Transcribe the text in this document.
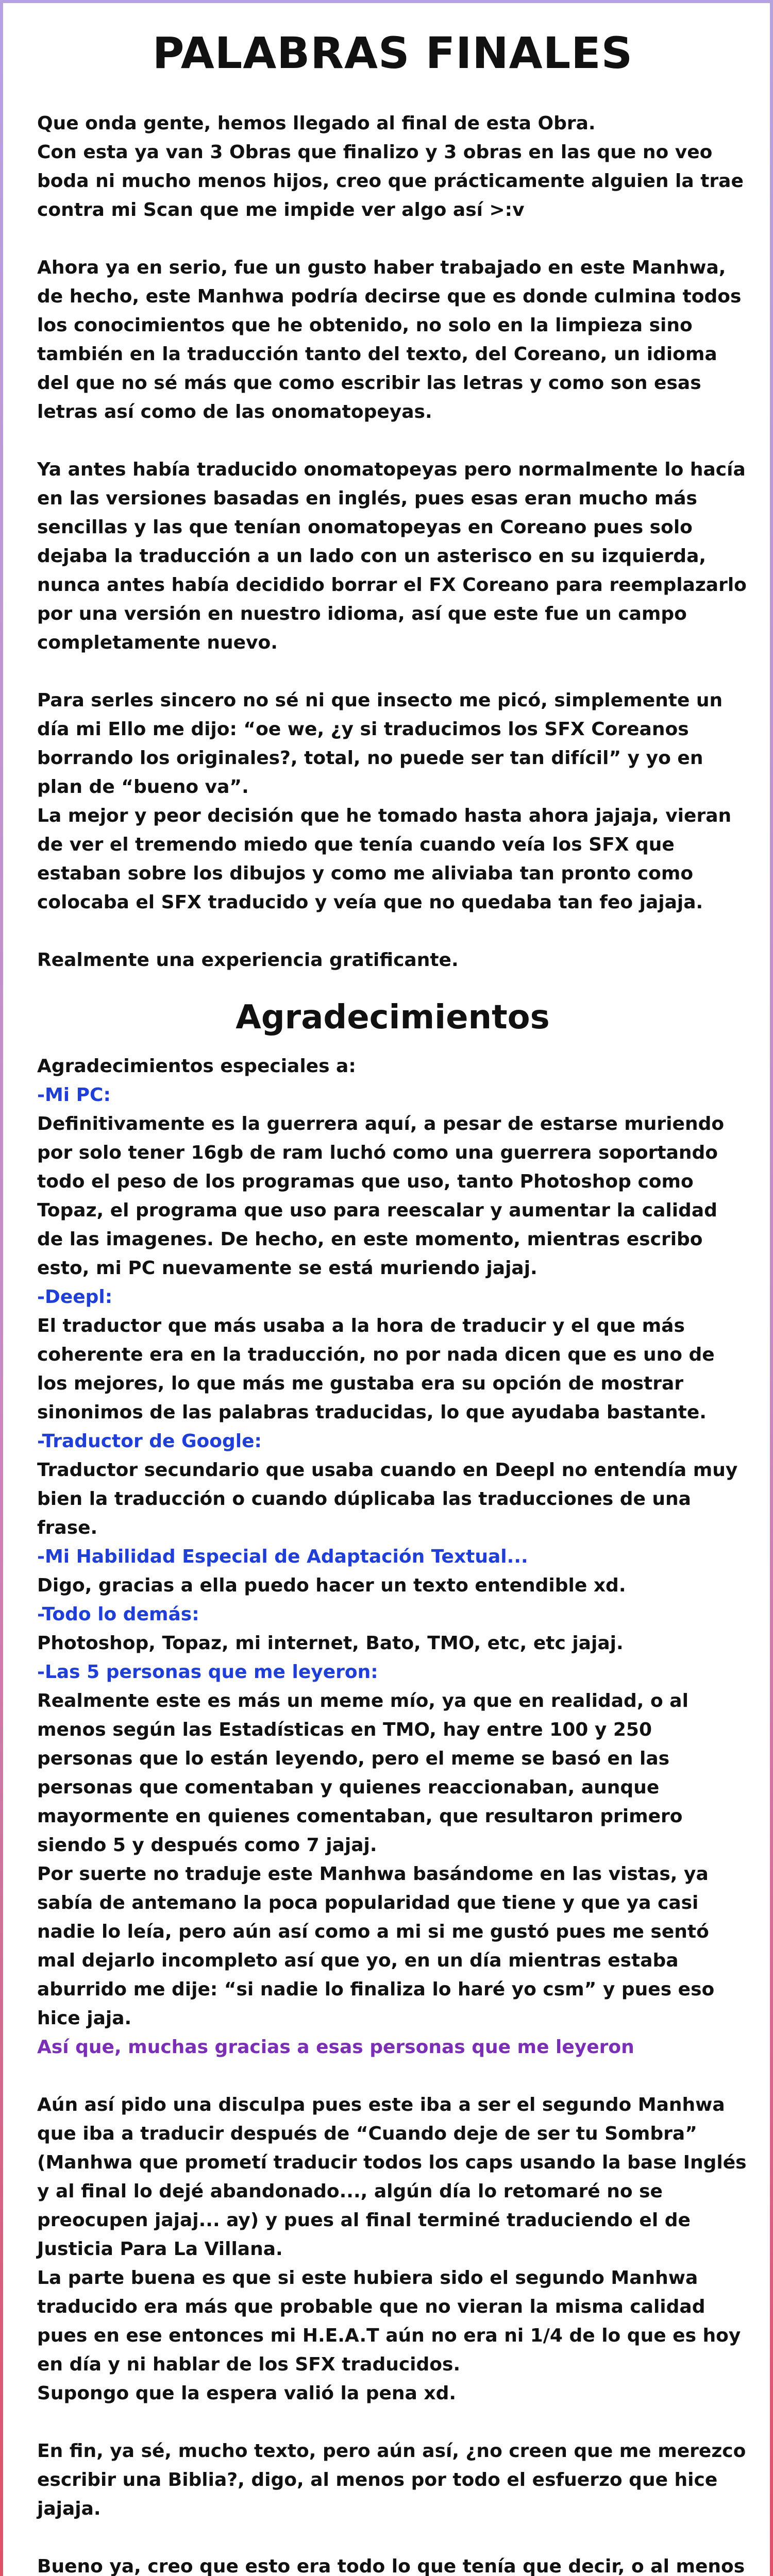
PALABRAS FINALES

Que onda gente, hemos llegado al final de esta Obra.
Con esta ya van 3 Obras que finalizo y 3 obras en las que no veo boda ni mucho menos hijos, creo que prácticamente alguien la trae contra mi Scan que me impide ver algo así >:v

Ahora ya en serio, fue un gusto haber trabajado en este Manhwa, de hecho, este Manhwa podría decirse que es donde culmina todos los conocimientos que he obtenido, no solo en la limpieza sino también en la traducción tanto del texto, del Coreano, un idioma del que no sé más que como escribir las letras y como son esas letras así como de las onomatopeyas.

Ya antes había traducido onomatopeyas pero normalmente lo hacía en las versiones basadas en inglés, pues esas eran mucho más sencillas y las que tenían onomatopeyas en Coreano pues solo dejaba la traducción a un lado con un asterisco en su izquierda, nunca antes había decidido borrar el FX Coreano para reemplazarlo por una versión en nuestro idioma, así que este fue un campo completamente nuevo.

Para serles sincero no sé ni que insecto me picó, simplemente un día mi Ello me dijo: “oe we, ¿y si traducimos los SFX Coreanos borrando los originales?, total, no puede ser tan difícil” y yo en plan de “bueno va”.
La mejor y peor decisión que he tomado hasta ahora jajaja, vieran de ver el tremendo miedo que tenía cuando veía los SFX que estaban sobre los dibujos y como me aliviaba tan pronto como colocaba el SFX traducido y veía que no quedaba tan feo jajaja.

Realmente una experiencia gratificante.

Agradecimientos
Agradecimientos especiales a:
-Mi PC:
Definitivamente es la guerrera aquí, a pesar de estarse muriendo por solo tener 16gb de ram luchó como una guerrera soportando todo el peso de los programas que uso, tanto Photoshop como Topaz, el programa que uso para reescalar y aumentar la calidad de las imagenes. De hecho, en este momento, mientras escribo esto, mi PC nuevamente se está muriendo jajaj.
-Deepl:
El traductor que más usaba a la hora de traducir y el que más coherente era en la traducción, no por nada dicen que es uno de los mejores, lo que más me gustaba era su opción de mostrar sinonimos de las palabras traducidas, lo que ayudaba bastante.
-Traductor de Google:
Traductor secundario que usaba cuando en Deepl no entendía muy bien la traducción o cuando dúplicaba las traducciones de una frase.
-Mi Habilidad Especial de Adaptación Textual...
Digo, gracias a ella puedo hacer un texto entendible xd.
-Todo lo demás:
Photoshop, Topaz, mi internet, Bato, TMO, etc, etc jajaj.
-Las 5 personas que me leyeron:
Realmente este es más un meme mío, ya que en realidad, o al menos según las Estadísticas en TMO, hay entre 100 y 250 personas que lo están leyendo, pero el meme se basó en las personas que comentaban y quienes reaccionaban, aunque mayormente en quienes comentaban, que resultaron primero siendo 5 y después como 7 jajaj.
Por suerte no traduje este Manhwa basándome en las vistas, ya sabía de antemano la poca popularidad que tiene y que ya casi nadie lo leía, pero aún así como a mi si me gustó pues me sentó mal dejarlo incompleto así que yo, en un día mientras estaba aburrido me dije: “si nadie lo finaliza lo haré yo csm” y pues eso hice jaja.
Así que, muchas gracias a esas personas que me leyeron

Aún así pido una disculpa pues este iba a ser el segundo Manhwa que iba a traducir después de “Cuando deje de ser tu Sombra” (Manhwa que prometí traducir todos los caps usando la base Inglés y al final lo dejé abandonado..., algún día lo retomaré no se preocupen jajaj... ay) y pues al final terminé traduciendo el de Justicia Para La Villana.
La parte buena es que si este hubiera sido el segundo Manhwa traducido era más que probable que no vieran la misma calidad pues en ese entonces mi H.E.A.T aún no era ni 1/4 de lo que es hoy en día y ni hablar de los SFX traducidos.
Supongo que la espera valió la pena xd.

En fin, ya sé, mucho texto, pero aún así, ¿no creen que me merezco escribir una Biblia?, digo, al menos por todo el esfuerzo que hice jajaja.

Bueno ya, creo que esto era todo lo que tenía que decir, o al menos
